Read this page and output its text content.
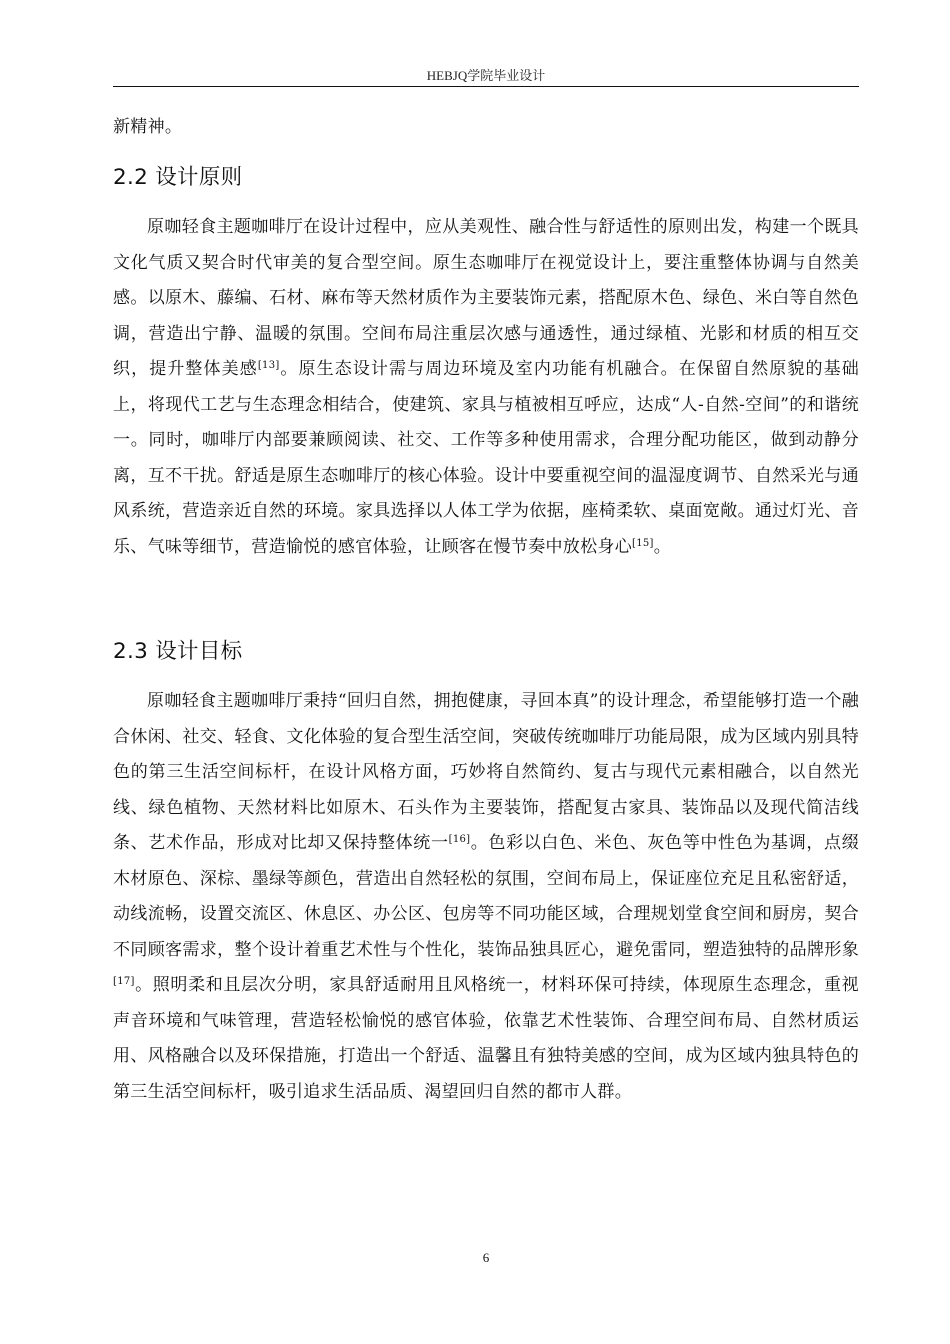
HEBJQ学院毕业设计

新精神。

2.2 设计原则

原咖轻食主题咖啡厅在设计过程中，应从美观性、融合性与舒适性的原则出发，构建一个既具文化气质又契合时代审美的复合型空间。原生态咖啡厅在视觉设计上，要注重整体协调与自然美感。以原木、藤编、石材、麻布等天然材质作为主要装饰元素，搭配原木色、绿色、米白等自然色调，营造出宁静、温暖的氛围。空间布局注重层次感与通透性，通过绿植、光影和材质的相互交织，提升整体美感[13]。原生态设计需与周边环境及室内功能有机融合。在保留自然原貌的基础上，将现代工艺与生态理念相结合，使建筑、家具与植被相互呼应，达成“人-自然-空间”的和谐统一。同时，咖啡厅内部要兼顾阅读、社交、工作等多种使用需求，合理分配功能区，做到动静分离，互不干扰。舒适是原生态咖啡厅的核心体验。设计中要重视空间的温湿度调节、自然采光与通风系统，营造亲近自然的环境。家具选择以人体工学为依据，座椅柔软、桌面宽敞。通过灯光、音乐、气味等细节，营造愉悦的感官体验，让顾客在慢节奏中放松身心[15]。

2.3 设计目标

原咖轻食主题咖啡厅秉持“回归自然，拥抱健康，寻回本真”的设计理念，希望能够打造一个融合休闲、社交、轻食、文化体验的复合型生活空间，突破传统咖啡厅功能局限，成为区域内别具特色的第三生活空间标杆，在设计风格方面，巧妙将自然简约、复古与现代元素相融合，以自然光线、绿色植物、天然材料比如原木、石头作为主要装饰，搭配复古家具、装饰品以及现代简洁线条、艺术作品，形成对比却又保持整体统一[16]。色彩以白色、米色、灰色等中性色为基调，点缀木材原色、深棕、墨绿等颜色，营造出自然轻松的氛围，空间布局上，保证座位充足且私密舒适，动线流畅，设置交流区、休息区、办公区、包房等不同功能区域，合理规划堂食空间和厨房，契合不同顾客需求，整个设计着重艺术性与个性化，装饰品独具匠心，避免雷同，塑造独特的品牌形象[17]。照明柔和且层次分明，家具舒适耐用且风格统一，材料环保可持续，体现原生态理念，重视声音环境和气味管理，营造轻松愉悦的感官体验，依靠艺术性装饰、合理空间布局、自然材质运用、风格融合以及环保措施，打造出一个舒适、温馨且有独特美感的空间，成为区域内独具特色的第三生活空间标杆，吸引追求生活品质、渴望回归自然的都市人群。

6
